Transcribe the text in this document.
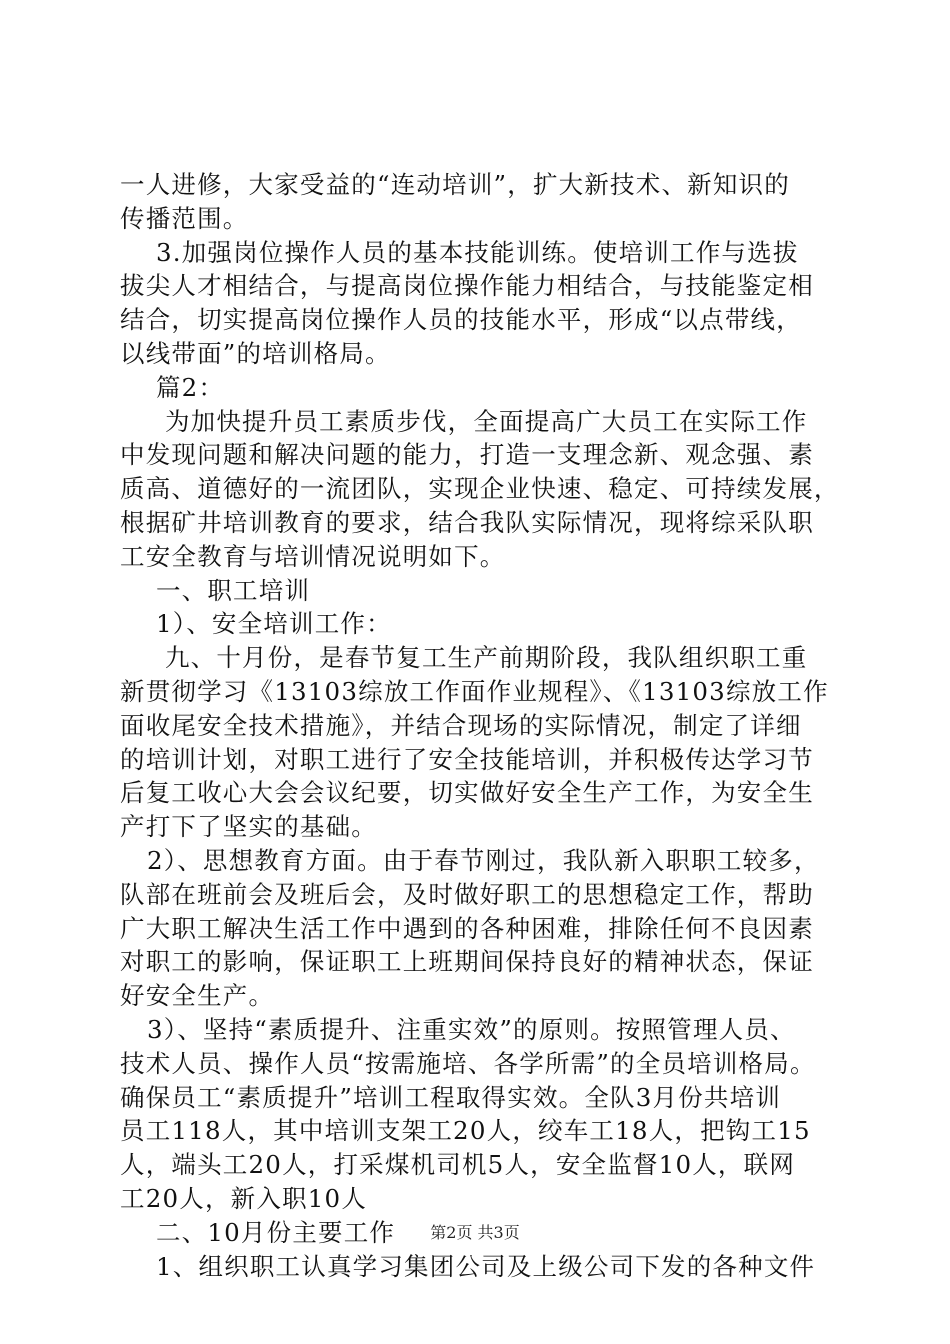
一人进修，大家受益的“连动培训”，扩大新技术、新知识的
传播范围。
3.加强岗位操作人员的基本技能训练。使培训工作与选拔
拔尖人才相结合，与提高岗位操作能力相结合，与技能鉴定相
结合，切实提高岗位操作人员的技能水平，形成“以点带线，
以线带面”的培训格局。
篇2：
为加快提升员工素质步伐，全面提高广大员工在实际工作
中发现问题和解决问题的能力，打造一支理念新、观念强、素
质高、道德好的一流团队，实现企业快速、稳定、可持续发展，
根据矿井培训教育的要求，结合我队实际情况，现将综采队职
工安全教育与培训情况说明如下。
一、职工培训
1）、安全培训工作：
九、十月份，是春节复工生产前期阶段，我队组织职工重
新贯彻学习《13103综放工作面作业规程》、《13103综放工作
面收尾安全技术措施》，并结合现场的实际情况，制定了详细
的培训计划，对职工进行了安全技能培训，并积极传达学习节
后复工收心大会会议纪要，切实做好安全生产工作，为安全生
产打下了坚实的基础。
2）、思想教育方面。由于春节刚过，我队新入职职工较多，
队部在班前会及班后会，及时做好职工的思想稳定工作，帮助
广大职工解决生活工作中遇到的各种困难，排除任何不良因素
对职工的影响，保证职工上班期间保持良好的精神状态，保证
好安全生产。
3）、坚持“素质提升、注重实效”的原则。按照管理人员、
技术人员、操作人员“按需施培、各学所需”的全员培训格局。
确保员工“素质提升”培训工程取得实效。全队3月份共培训
员工118人，其中培训支架工20人，绞车工18人，把钩工15
人，端头工20人，打采煤机司机5人，安全监督10人，联网
工20人，新入职10人
二、10月份主要工作
1、组织职工认真学习集团公司及上级公司下发的各种文件
第2页 共3页
